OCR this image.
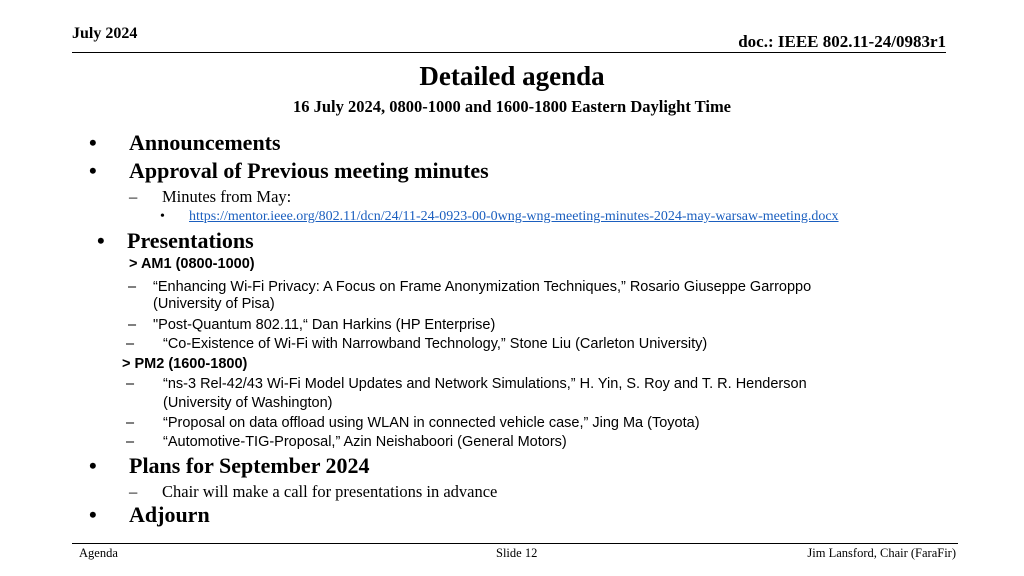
July 2024	doc.: IEEE 802.11-24/0983r1
Detailed agenda
16 July 2024, 0800-1000 and 1600-1800 Eastern Daylight Time
• Announcements
• Approval of Previous meeting minutes
– Minutes from May:
• https://mentor.ieee.org/802.11/dcn/24/11-24-0923-00-0wng-wng-meeting-minutes-2024-may-warsaw-meeting.docx
• Presentations
> AM1 (0800-1000)
– “Enhancing Wi-Fi Privacy: A Focus on Frame Anonymization Techniques,” Rosario Giuseppe Garroppo
(University of Pisa)
– "Post-Quantum 802.11,“ Dan Harkins (HP Enterprise)
– “Co-Existence of Wi-Fi with Narrowband Technology,” Stone Liu (Carleton University)
> PM2 (1600-1800)
– “ns-3 Rel-42/43 Wi-Fi Model Updates and Network Simulations,” H. Yin, S. Roy and T. R. Henderson
(University of Washington)
– “Proposal on data offload using WLAN in connected vehicle case,” Jing Ma (Toyota)
– “Automotive-TIG-Proposal,” Azin Neishaboori (General Motors)
• Plans for September 2024
– Chair will make a call for presentations in advance
• Adjourn
Agenda	Slide 12	Jim Lansford, Chair (FaraFir)
